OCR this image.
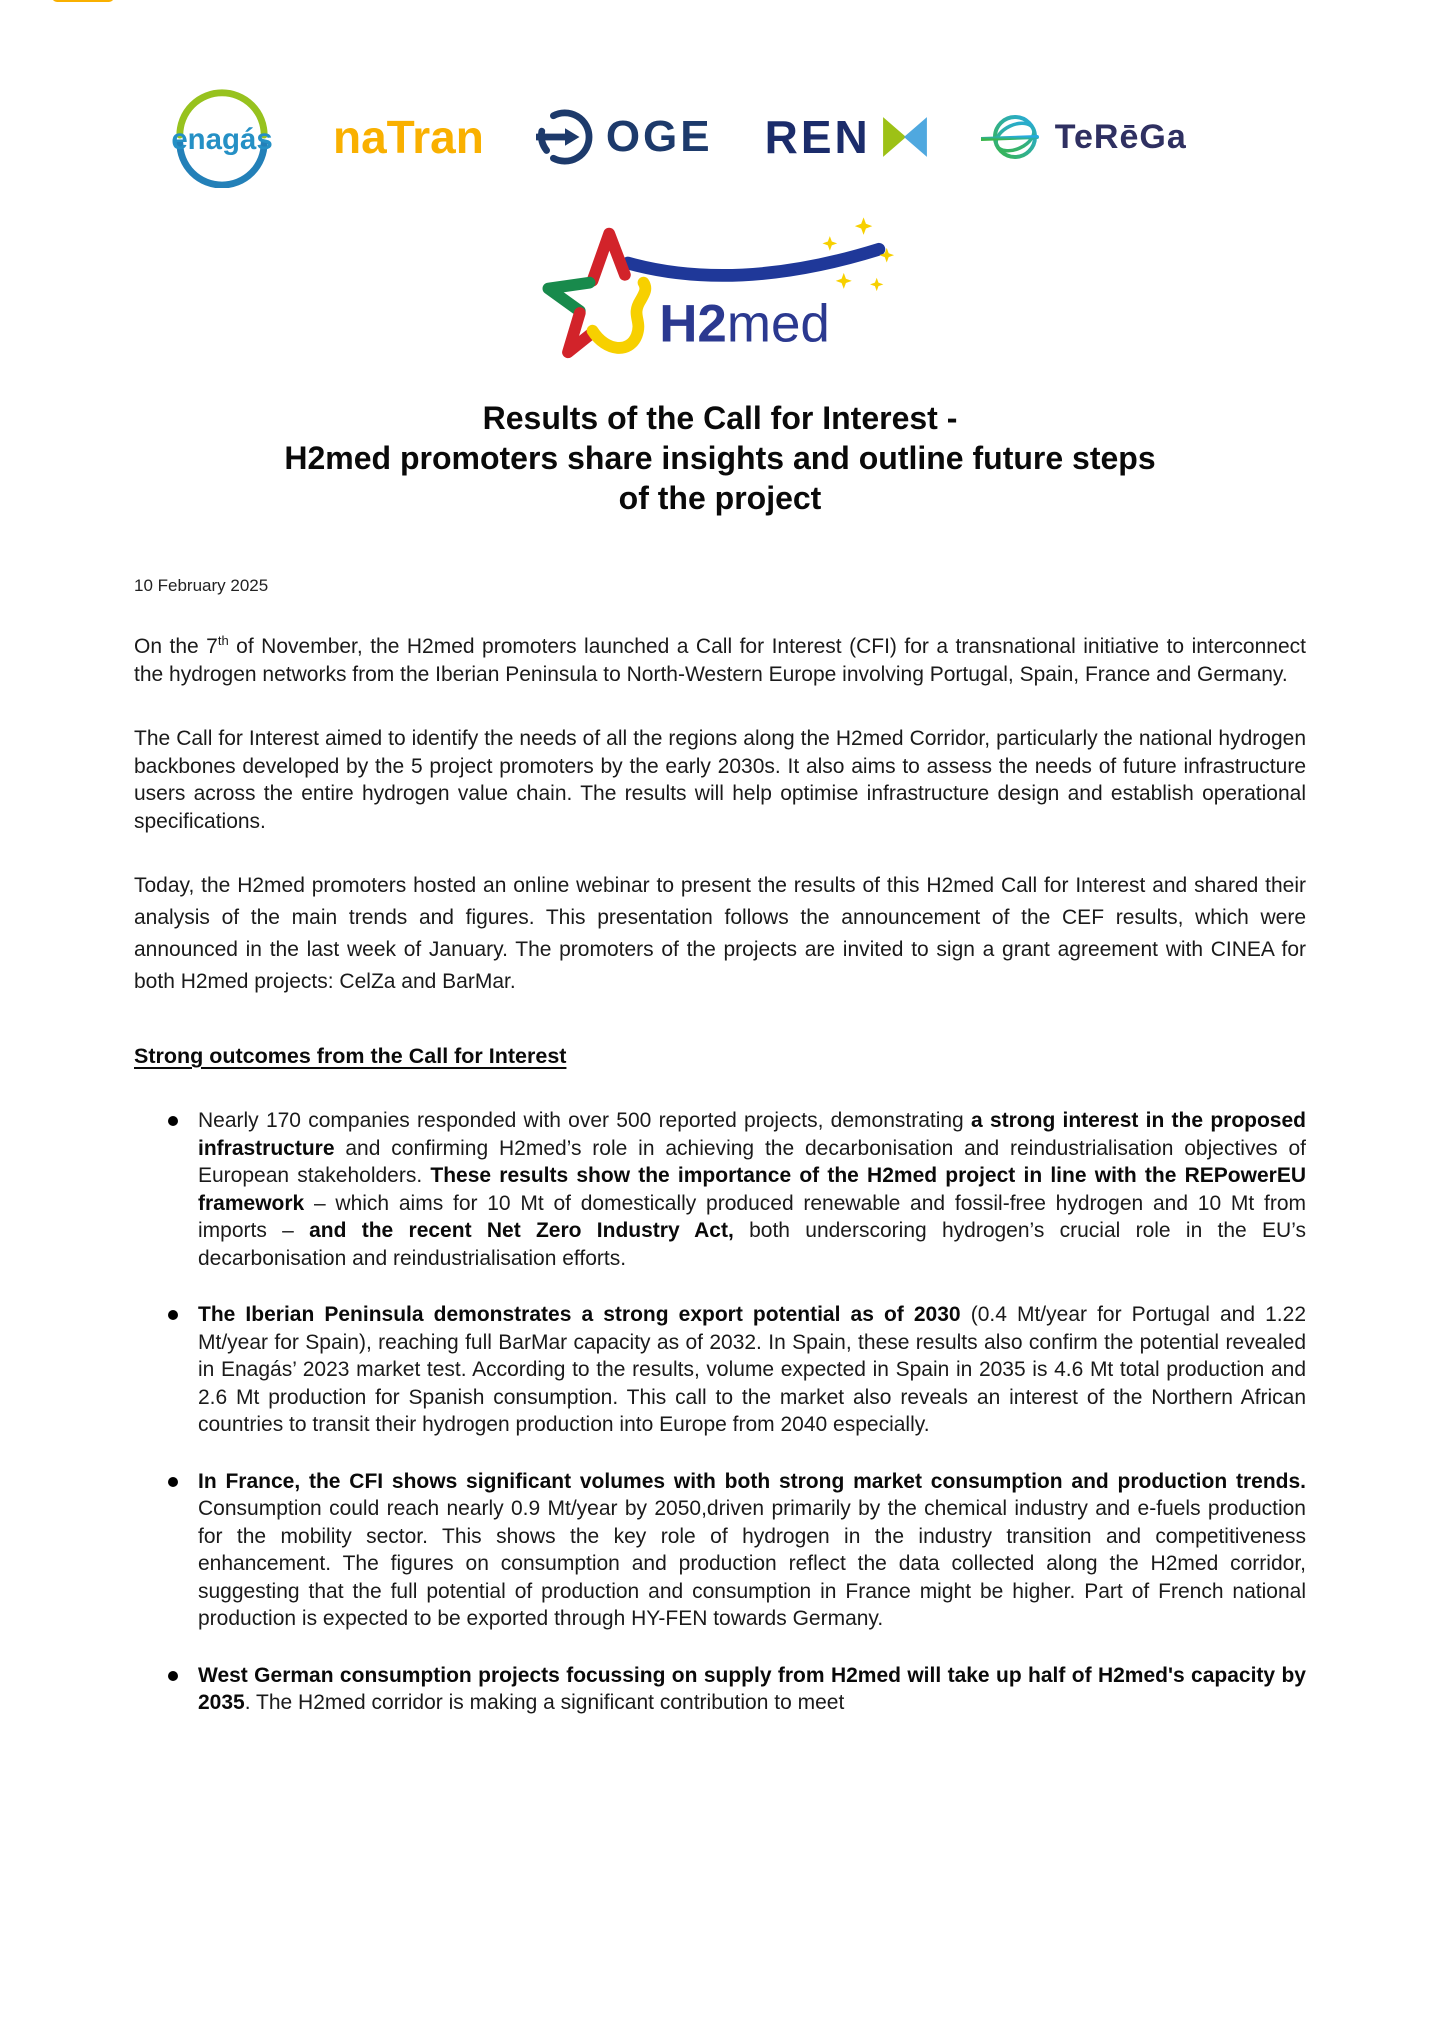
enagás naTran	OGE REN	TeRēGa
H2med
Results of the Call for Interest -
H2med promoters share insights and outline future steps
of the project
10 February 2025

On the 7th of November, the H2med promoters launched a Call for Interest (CFI) for a transnational initiative to interconnect the hydrogen networks from the Iberian Peninsula to North-Western Europe involving Portugal, Spain, France and Germany.

The Call for Interest aimed to identify the needs of all the regions along the H2med Corridor, particularly the national hydrogen backbones developed by the 5 project promoters by the early 2030s. It also aims to assess the needs of future infrastructure users across the entire hydrogen value chain. The results will help optimise infrastructure design and establish operational specifications.

Today, the H2med promoters hosted an online webinar to present the results of this H2med Call for Interest and shared their analysis of the main trends and figures. This presentation follows the announcement of the CEF results, which were announced in the last week of January. The promoters of the projects are invited to sign a grant agreement with CINEA for both H2med projects: CelZa and BarMar.

Strong outcomes from the Call for Interest
Nearly 170 companies responded with over 500 reported projects, demonstrating a strong interest in the proposed infrastructure and confirming H2med’s role in achieving the decarbonisation and reindustrialisation objectives of European stakeholders. These results show the importance of the H2med project in line with the REPowerEU framework – which aims for 10 Mt of domestically produced renewable and fossil-free hydrogen and 10 Mt from imports – and the recent Net Zero Industry Act, both underscoring hydrogen’s crucial role in the EU’s decarbonisation and reindustrialisation efforts.
The Iberian Peninsula demonstrates a strong export potential as of 2030 (0.4 Mt/year for Portugal and 1.22 Mt/year for Spain), reaching full BarMar capacity as of 2032. In Spain, these results also confirm the potential revealed in Enagás’ 2023 market test. According to the results, volume expected in Spain in 2035 is 4.6 Mt total production and 2.6 Mt production for Spanish consumption. This call to the market also reveals an interest of the Northern African countries to transit their hydrogen production into Europe from 2040 especially.
In France, the CFI shows significant volumes with both strong market consumption and production trends. Consumption could reach nearly 0.9 Mt/year by 2050,driven primarily by the chemical industry and e-fuels production for the mobility sector. This shows the key role of hydrogen in the industry transition and competitiveness enhancement. The figures on consumption and production reflect the data collected along the H2med corridor, suggesting that the full potential of production and consumption in France might be higher. Part of French national production is expected to be exported through HY-FEN towards Germany.
West German consumption projects focussing on supply from H2med will take up half of H2med's capacity by 2035. The H2med corridor is making a significant contribution to meet
